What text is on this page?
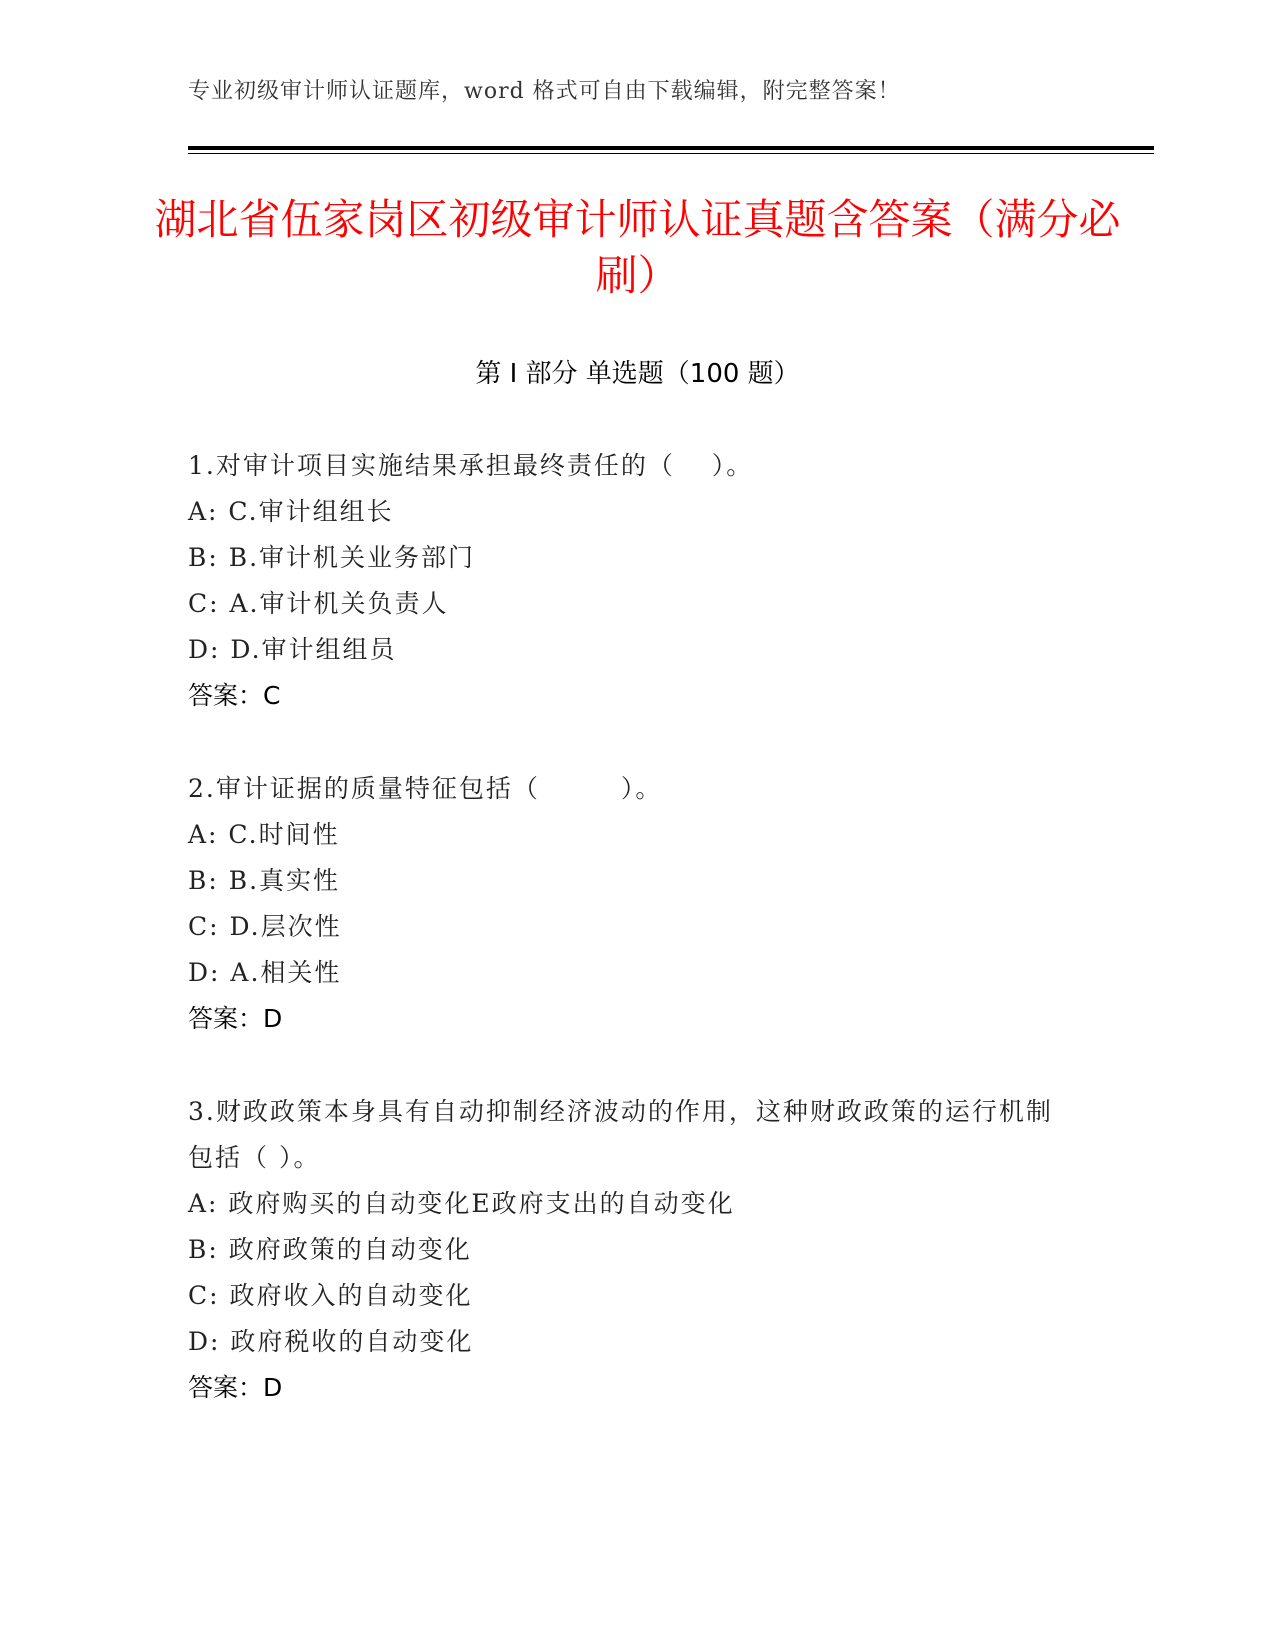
专业初级审计师认证题库，word 格式可自由下载编辑，附完整答案！
湖北省伍家岗区初级审计师认证真题含答案（满分必刷）
第 I 部分 单选题（100 题）

1.对审计项目实施结果承担最终责任的（　 ）。

A: C.审计组组长
B: B.审计机关业务部门
C: A.审计机关负责人
D: D.审计组组员
答案：C

2.审计证据的质量特征包括（　　　）。

A: C.时间性
B: B.真实性
C: D.层次性
D: A.相关性
答案：D

3.财政政策本身具有自动抑制经济波动的作用，这种财政政策的运行机制包括（ ）。

A: 政府购买的自动变化E政府支出的自动变化
B: 政府政策的自动变化
C: 政府收入的自动变化
D: 政府税收的自动变化
答案：D
